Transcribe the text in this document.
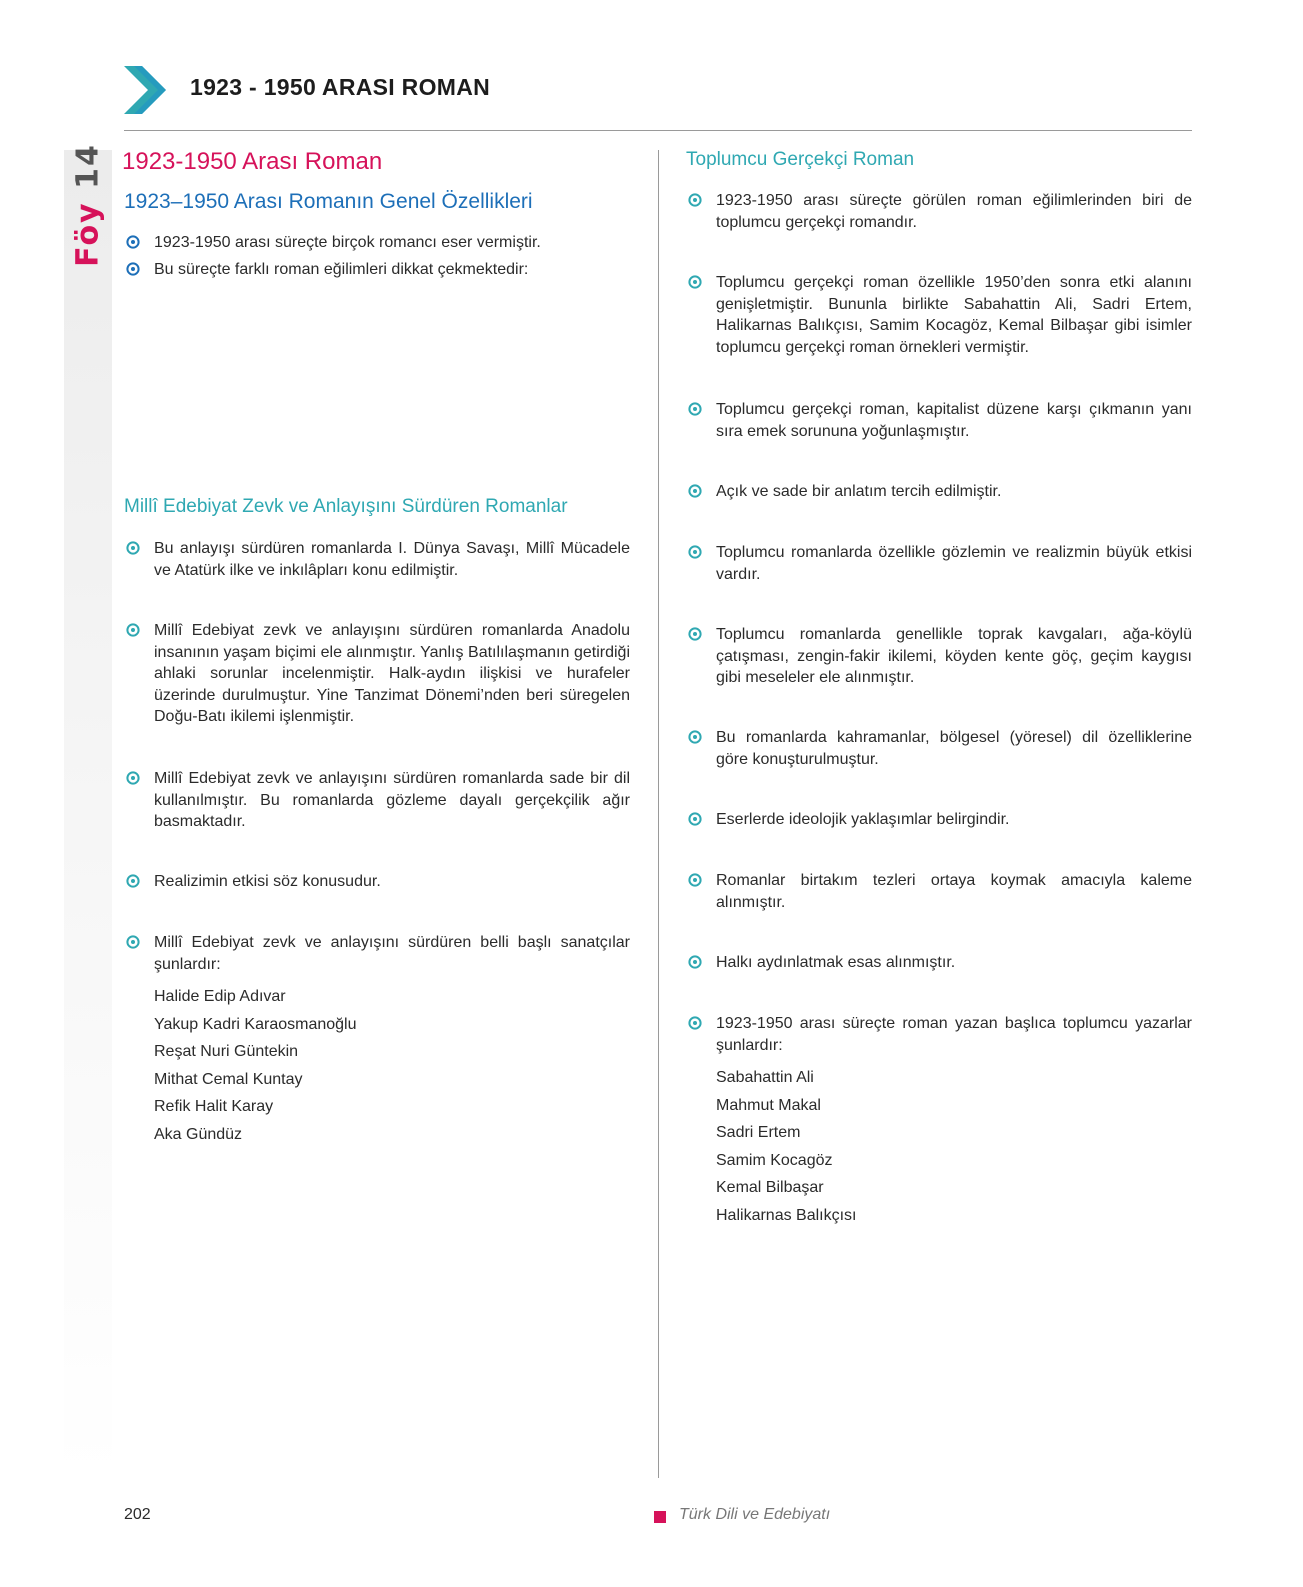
Föy 14
1923 - 1950 ARASI ROMAN
1923-1950 Arası Roman
1923–1950 Arası Romanın Genel Özellikleri
1923-1950 arası süreçte birçok romancı eser vermiştir.
Bu süreçte farklı roman eğilimleri dikkat çekmektedir:
Millî Edebiyat Zevk ve Anlayışını Sürdüren Romanlar
Bu anlayışı sürdüren romanlarda I. Dünya Savaşı, Millî Mücadele ve Atatürk ilke ve inkılâpları konu edilmiştir.
Millî Edebiyat zevk ve anlayışını sürdüren romanlarda Anadolu insanının yaşam biçimi ele alınmıştır. Yanlış Batılılaşmanın getirdiği ahlaki sorunlar incelenmiştir. Halk-aydın ilişkisi ve hurafeler üzerinde durulmuştur. Yine Tanzimat Dönemi’nden beri süregelen Doğu-Batı ikilemi işlenmiştir.
Millî Edebiyat zevk ve anlayışını sürdüren romanlarda sade bir dil kullanılmıştır. Bu romanlarda gözleme dayalı gerçekçilik ağır basmaktadır.
Realizimin etkisi söz konusudur.
Millî Edebiyat zevk ve anlayışını sürdüren belli başlı sanatçılar şunlardır:
Halide Edip Adıvar
Yakup Kadri Karaosmanoğlu
Reşat Nuri Güntekin
Mithat Cemal Kuntay
Refik Halit Karay
Aka Gündüz
Toplumcu Gerçekçi Roman
1923-1950 arası süreçte görülen roman eğilimlerinden biri de toplumcu gerçekçi romandır.
Toplumcu gerçekçi roman özellikle 1950’den sonra etki alanını genişletmiştir. Bununla birlikte Sabahattin Ali, Sadri Ertem, Halikarnas Balıkçısı, Samim Kocagöz, Kemal Bilbaşar gibi isimler toplumcu gerçekçi roman örnekleri vermiştir.
Toplumcu gerçekçi roman, kapitalist düzene karşı çıkmanın yanı sıra emek sorununa yoğunlaşmıştır.
Açık ve sade bir anlatım tercih edilmiştir.
Toplumcu romanlarda özellikle gözlemin ve realizmin büyük etkisi vardır.
Toplumcu romanlarda genellikle toprak kavgaları, ağa-köylü çatışması, zengin-fakir ikilemi, köyden kente göç, geçim kaygısı gibi meseleler ele alınmıştır.
Bu romanlarda kahramanlar, bölgesel (yöresel) dil özelliklerine göre konuşturulmuştur.
Eserlerde ideolojik yaklaşımlar belirgindir.
Romanlar birtakım tezleri ortaya koymak amacıyla kaleme alınmıştır.
Halkı aydınlatmak esas alınmıştır.
1923-1950 arası süreçte roman yazan başlıca toplumcu yazarlar şunlardır:
Sabahattin Ali
Mahmut Makal
Sadri Ertem
Samim Kocagöz
Kemal Bilbaşar
Halikarnas Balıkçısı
202	Türk Dili ve Edebiyatı
